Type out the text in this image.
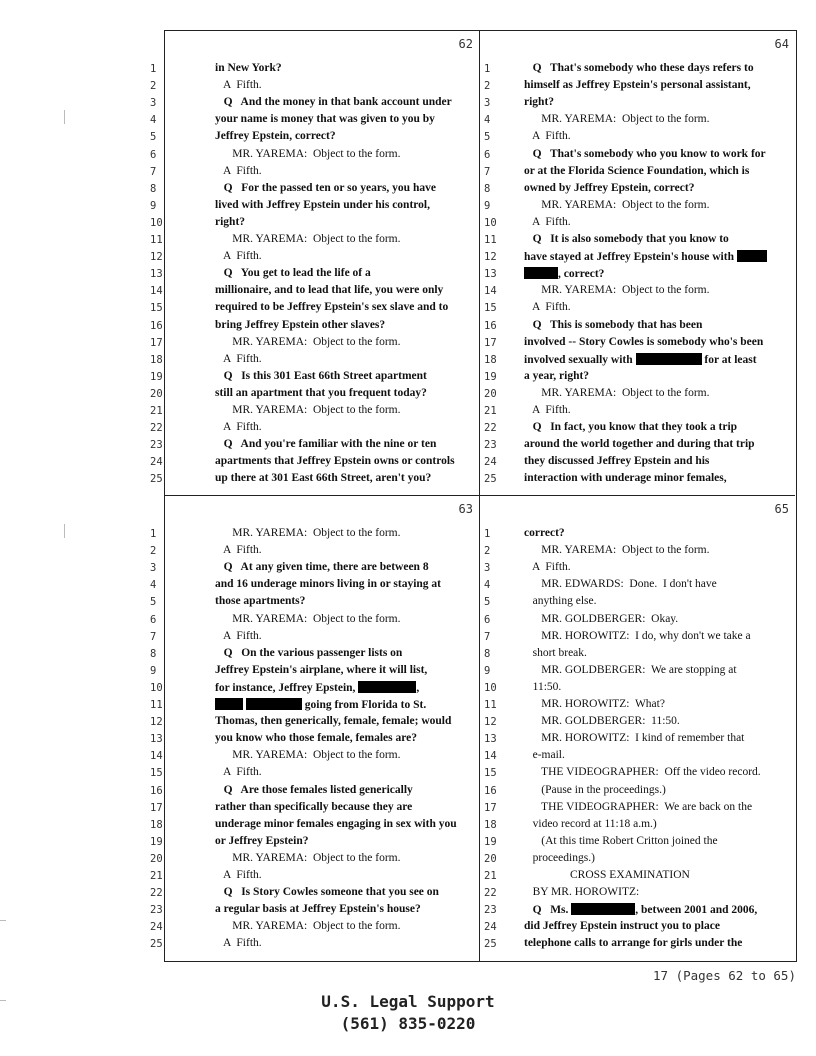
62
1	in New York?
2	A  Fifth.
3	Q   And the money in that bank account under
4	your name is money that was given to you by
5	Jeffrey Epstein, correct?
6	MR. YAREMA:  Object to the form.
7	A  Fifth.
8	Q   For the passed ten or so years, you have
9	lived with Jeffrey Epstein under his control,
10	right?
11	MR. YAREMA:  Object to the form.
12	A  Fifth.
13	Q   You get to lead the life of a
14	millionaire, and to lead that life, you were only
15	required to be Jeffrey Epstein's sex slave and to
16	bring Jeffrey Epstein other slaves?
17	MR. YAREMA:  Object to the form.
18	A  Fifth.
19	Q   Is this 301 East 66th Street apartment
20	still an apartment that you frequent today?
21	MR. YAREMA:  Object to the form.
22	A  Fifth.
23	Q   And you're familiar with the nine or ten
24	apartments that Jeffrey Epstein owns or controls
25	up there at 301 East 66th Street, aren't you?
64
1	Q   That's somebody who these days refers to
2	himself as Jeffrey Epstein's personal assistant,
3	right?
4	MR. YAREMA:  Object to the form.
5	A  Fifth.
6	Q   That's somebody who you know to work for
7	or at the Florida Science Foundation, which is
8	owned by Jeffrey Epstein, correct?
9	MR. YAREMA:  Object to the form.
10 A  Fifth.
11 Q   It is also somebody that you know to
12 have stayed at Jeffrey Epstein's house with
13	, correct?
14 MR. YAREMA:  Object to the form.
15 A  Fifth.
16 Q   This is somebody that has been
17 involved -- Story Cowles is somebody who's been
18 involved sexually with	for at least
19 a year, right?
20 MR. YAREMA:  Object to the form.
21 A  Fifth.
22 Q   In fact, you know that they took a trip
23 around the world together and during that trip
24 they discussed Jeffrey Epstein and his
25 interaction with underage minor females,
63
1	MR. YAREMA:  Object to the form.
2	A  Fifth.
3	Q   At any given time, there are between 8
4	and 16 underage minors living in or staying at
5	those apartments?
6	MR. YAREMA:  Object to the form.
7	A  Fifth.
8	Q   On the various passenger lists on
9	Jeffrey Epstein's airplane, where it will list,
10	for instance, Jeffrey Epstein,	,
11	going from Florida to St.
12	Thomas, then generically, female, female; would
13	you know who those female, females are?
14	MR. YAREMA:  Object to the form.
15	A  Fifth.
16	Q   Are those females listed generically
17	rather than specifically because they are
18	underage minor females engaging in sex with you
19	or Jeffrey Epstein?
20	MR. YAREMA:  Object to the form.
21	A  Fifth.
22	Q   Is Story Cowles someone that you see on
23	a regular basis at Jeffrey Epstein's house?
24	MR. YAREMA:  Object to the form.
25	A  Fifth.
65
1	correct?
2	MR. YAREMA:  Object to the form.
3	A  Fifth.
4	MR. EDWARDS:  Done.  I don't have
5	anything else.
6	MR. GOLDBERGER:  Okay.
7	MR. HOROWITZ:  I do, why don't we take a
8	short break.
9	MR. GOLDBERGER:  We are stopping at
10 11:50.
11 MR. HOROWITZ:  What?
12 MR. GOLDBERGER:  11:50.
13 MR. HOROWITZ:  I kind of remember that
14 e-mail.
15 THE VIDEOGRAPHER:  Off the video record.
16 (Pause in the proceedings.)
17 THE VIDEOGRAPHER:  We are back on the
18 video record at 11:18 a.m.)
19 (At this time Robert Critton joined the
20 proceedings.)
21 CROSS EXAMINATION
22 BY MR. HOROWITZ:
23 Q   Ms.	, between 2001 and 2006,
24 did Jeffrey Epstein instruct you to place
25 telephone calls to arrange for girls under the
17 (Pages 62 to 65)
U.S. Legal Support
(561) 835-0220
